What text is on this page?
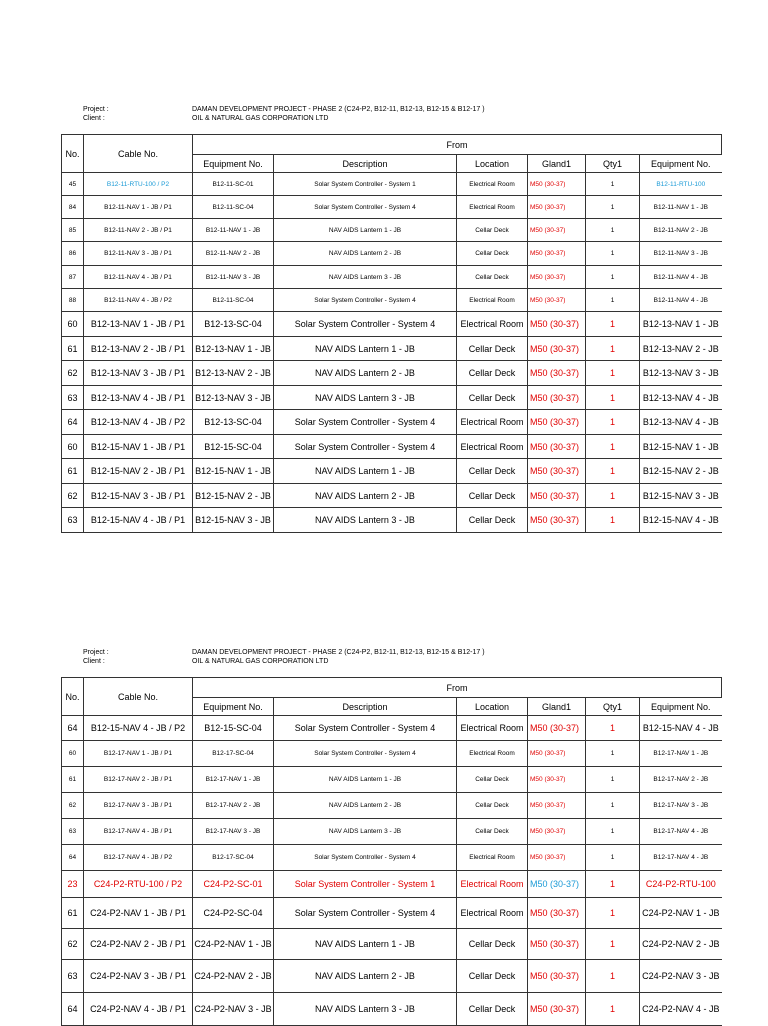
Project :	DAMAN DEVELOPMENT PROJECT - PHASE 2 (C24-P2, B12-11, B12-13, B12-15 & B12-17 )
Client :	OIL & NATURAL GAS CORPORATION LTD
No.	Cable No.	From						
		Equipment No.	Description	Location	Gland1	Qty1	Equipment No.	
45	B12-11-RTU-100 / P2	B12-11-SC-01	Solar System Controller - System 1	Electrical Room	M50 (30-37)	1	B12-11-RTU-100	
84	B12-11-NAV 1 - JB / P1	B12-11-SC-04	Solar System Controller - System 4	Electrical Room	M50 (30-37)	1	B12-11-NAV 1 - JB	
85	B12-11-NAV 2 - JB / P1	B12-11-NAV 1 - JB	NAV AIDS Lantern 1 - JB	Cellar Deck	M50 (30-37)	1	B12-11-NAV 2 - JB	
86	B12-11-NAV 3 - JB / P1	B12-11-NAV 2 - JB	NAV AIDS Lantern 2 - JB	Cellar Deck	M50 (30-37)	1	B12-11-NAV 3 - JB	
87	B12-11-NAV 4 - JB / P1	B12-11-NAV 3 - JB	NAV AIDS Lantern 3 - JB	Cellar Deck	M50 (30-37)	1	B12-11-NAV 4 - JB	
88	B12-11-NAV 4 - JB / P2	B12-11-SC-04	Solar System Controller - System 4	Electrical Room	M50 (30-37)	1	B12-11-NAV 4 - JB	
60	B12-13-NAV 1 - JB / P1	B12-13-SC-04	Solar System Controller - System 4	Electrical Room	M50 (30-37)	1	B12-13-NAV 1 - JB	
61	B12-13-NAV 2 - JB / P1	B12-13-NAV 1 - JB	NAV AIDS Lantern 1 - JB	Cellar Deck	M50 (30-37)	1	B12-13-NAV 2 - JB	
62	B12-13-NAV 3 - JB / P1	B12-13-NAV 2 - JB	NAV AIDS Lantern 2 - JB	Cellar Deck	M50 (30-37)	1	B12-13-NAV 3 - JB	
63	B12-13-NAV 4 - JB / P1	B12-13-NAV 3 - JB	NAV AIDS Lantern 3 - JB	Cellar Deck	M50 (30-37)	1	B12-13-NAV 4 - JB	
64	B12-13-NAV 4 - JB / P2	B12-13-SC-04	Solar System Controller - System 4	Electrical Room	M50 (30-37)	1	B12-13-NAV 4 - JB	
60	B12-15-NAV 1 - JB / P1	B12-15-SC-04	Solar System Controller - System 4	Electrical Room	M50 (30-37)	1	B12-15-NAV 1 - JB	
61	B12-15-NAV 2 - JB / P1	B12-15-NAV 1 - JB	NAV AIDS Lantern 1 - JB	Cellar Deck	M50 (30-37)	1	B12-15-NAV 2 - JB	
62	B12-15-NAV 3 - JB / P1	B12-15-NAV 2 - JB	NAV AIDS Lantern 2 - JB	Cellar Deck	M50 (30-37)	1	B12-15-NAV 3 - JB	
63	B12-15-NAV 4 - JB / P1	B12-15-NAV 3 - JB	NAV AIDS Lantern 3 - JB	Cellar Deck	M50 (30-37)	1	B12-15-NAV 4 - JB	
Project :	DAMAN DEVELOPMENT PROJECT - PHASE 2 (C24-P2, B12-11, B12-13, B12-15 & B12-17 )
Client :	OIL & NATURAL GAS CORPORATION LTD
No.	Cable No.	From						
		Equipment No.	Description	Location	Gland1	Qty1	Equipment No.	
64	B12-15-NAV 4 - JB / P2	B12-15-SC-04	Solar System Controller - System 4	Electrical Room	M50 (30-37)	1	B12-15-NAV 4 - JB	
60	B12-17-NAV 1 - JB / P1	B12-17-SC-04	Solar System Controller - System 4	Electrical Room	M50 (30-37)	1	B12-17-NAV 1 - JB	
61	B12-17-NAV 2 - JB / P1	B12-17-NAV 1 - JB	NAV AIDS Lantern 1 - JB	Cellar Deck	M50 (30-37)	1	B12-17-NAV 2 - JB	
62	B12-17-NAV 3 - JB / P1	B12-17-NAV 2 - JB	NAV AIDS Lantern 2 - JB	Cellar Deck	M50 (30-37)	1	B12-17-NAV 3 - JB	
63	B12-17-NAV 4 - JB / P1	B12-17-NAV 3 - JB	NAV AIDS Lantern 3 - JB	Cellar Deck	M50 (30-37)	1	B12-17-NAV 4 - JB	
64	B12-17-NAV 4 - JB / P2	B12-17-SC-04	Solar System Controller - System 4	Electrical Room	M50 (30-37)	1	B12-17-NAV 4 - JB	
23	C24-P2-RTU-100 / P2	C24-P2-SC-01	Solar System Controller - System 1	Electrical Room	M50 (30-37)	1	C24-P2-RTU-100	
61	C24-P2-NAV 1 - JB / P1	C24-P2-SC-04	Solar System Controller - System 4	Electrical Room	M50 (30-37)	1	C24-P2-NAV 1 - JB	
62	C24-P2-NAV 2 - JB / P1	C24-P2-NAV 1 - JB	NAV AIDS Lantern 1 - JB	Cellar Deck	M50 (30-37)	1	C24-P2-NAV 2 - JB	
63	C24-P2-NAV 3 - JB / P1	C24-P2-NAV 2 - JB	NAV AIDS Lantern 2 - JB	Cellar Deck	M50 (30-37)	1	C24-P2-NAV 3 - JB	
64	C24-P2-NAV 4 - JB / P1	C24-P2-NAV 3 - JB	NAV AIDS Lantern 3 - JB	Cellar Deck	M50 (30-37)	1	C24-P2-NAV 4 - JB	
